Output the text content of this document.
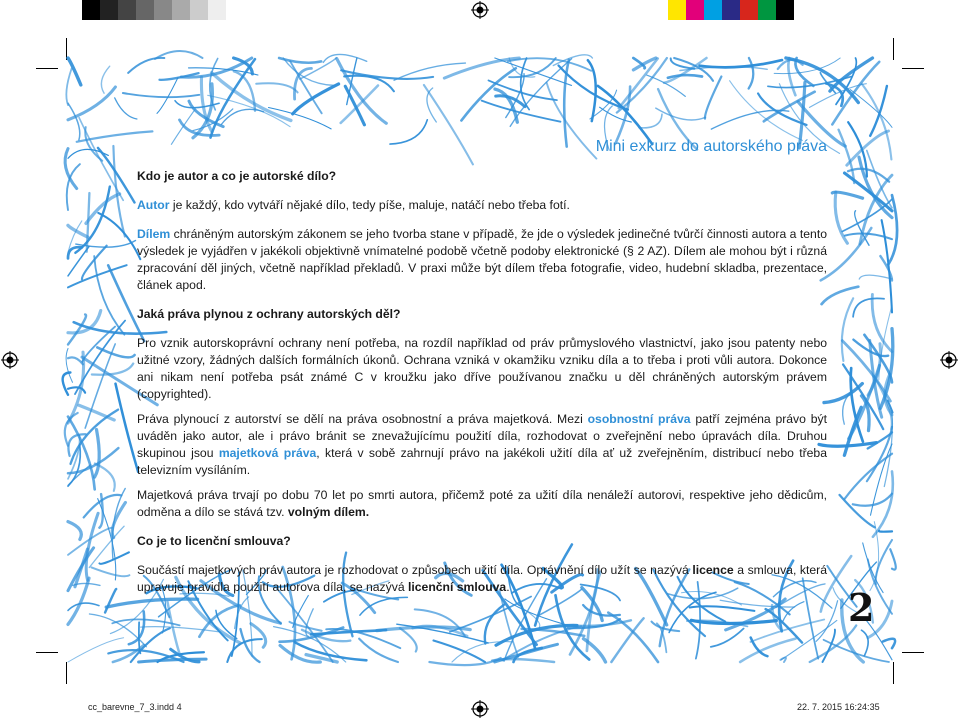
Mini exkurz do autorského práva

Kdo je autor a co je autorské dílo?

Autor je každý, kdo vytváří nějaké dílo, tedy píše, maluje, natáčí nebo třeba fotí.

Dílem chráněným autorským zákonem se jeho tvorba stane v případě, že jde o výsledek jedinečné tvůrčí činnosti autora a tento výsledek je vyjádřen v jakékoli objektivně vnímatelné podobě včetně podoby elektronické (§ 2 AZ). Dílem ale mohou být i různá zpracování děl jiných, včetně například překladů. V praxi může být dílem třeba fotografie, video, hudební skladba, prezentace, článek apod.

Jaká práva plynou z ochrany autorských děl?

Pro vznik autorskoprávní ochrany není potřeba, na rozdíl například od práv průmyslového vlastnictví, jako jsou patenty nebo užitné vzory, žádných dalších formálních úkonů. Ochrana vzniká v okamžiku vzniku díla a to třeba i proti vůli autora. Dokonce ani nikam není potřeba psát známé C v kroužku jako dříve používanou značku u děl chráněných autorským právem (copyrighted).

Práva plynoucí z autorství se dělí na práva osobnostní a práva majetková. Mezi osobnostní práva patří zejména právo být uváděn jako autor, ale i právo bránit se znevažujícímu použití díla, rozhodovat o zveřejnění nebo úpravách díla. Druhou skupinou jsou majetková práva, která v sobě zahrnují právo na jakékoli užití díla ať už zveřejněním, distribucí nebo třeba televizním vysíláním.

Majetková práva trvají po dobu 70 let po smrti autora, přičemž poté za užití díla nenáleží autorovi, respektive jeho dědicům, odměna a dílo se stává tzv. volným dílem.

Co je to licenční smlouva?

Součástí majetkových práv autora je rozhodovat o způsobech užití díla. Oprávnění dílo užít se nazývá licence a smlouva, která upravuje pravidla použití autorova díla, se nazývá licenční smlouva.	2
cc_barevne_7_3.indd 4	22. 7. 2015 16:24:35
